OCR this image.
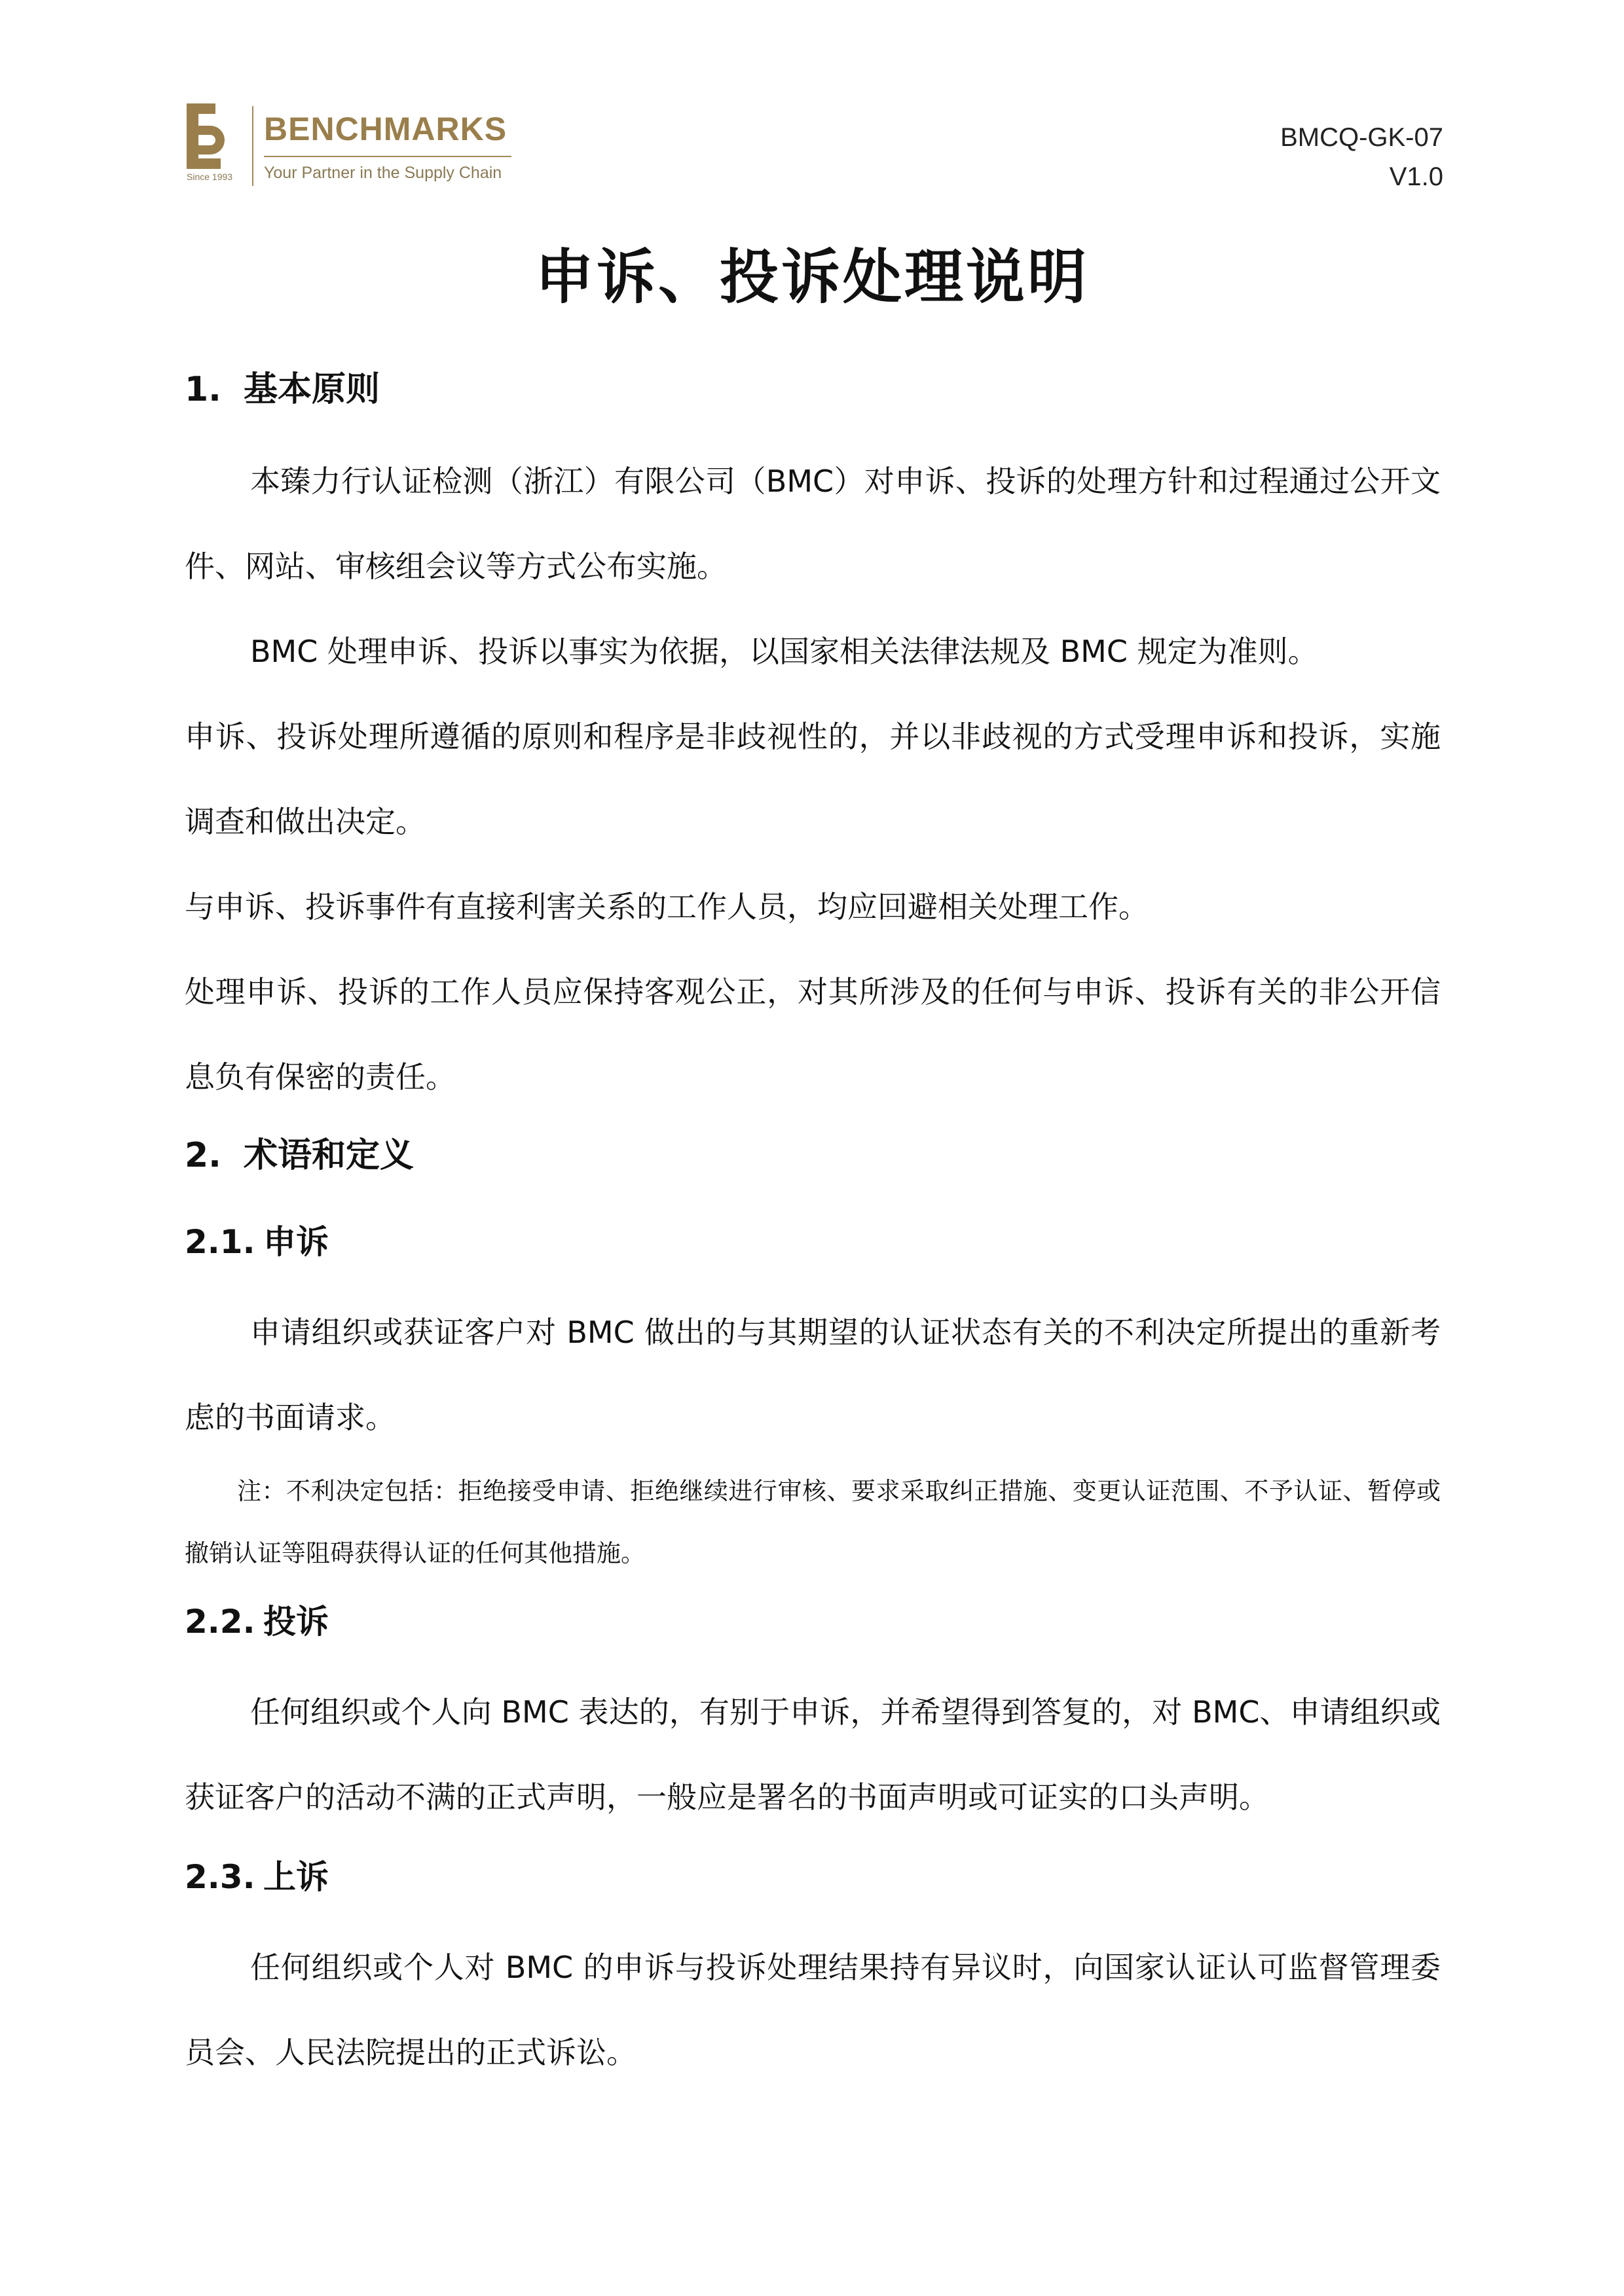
Since 1993
BENCHMARKS
Your Partner in the Supply Chain
BMCQ-GK-07
V1.0
申诉、投诉处理说明
1. 基本原则

本臻力行认证检测（浙江）有限公司（BMC）对申诉、投诉的处理方针和过程通过公开文件、网站、审核组会议等方式公布实施。

BMC 处理申诉、投诉以事实为依据，以国家相关法律法规及 BMC 规定为准则。

申诉、投诉处理所遵循的原则和程序是非歧视性的，并以非歧视的方式受理申诉和投诉，实施调查和做出决定。

与申诉、投诉事件有直接利害关系的工作人员，均应回避相关处理工作。

处理申诉、投诉的工作人员应保持客观公正，对其所涉及的任何与申诉、投诉有关的非公开信息负有保密的责任。

2. 术语和定义
2.1. 申诉

申请组织或获证客户对 BMC 做出的与其期望的认证状态有关的不利决定所提出的重新考虑的书面请求。

注：不利决定包括：拒绝接受申请、拒绝继续进行审核、要求采取纠正措施、变更认证范围、不予认证、暂停或撤销认证等阻碍获得认证的任何其他措施。

2.2. 投诉

任何组织或个人向 BMC 表达的，有别于申诉，并希望得到答复的，对 BMC、申请组织或获证客户的活动不满的正式声明，一般应是署名的书面声明或可证实的口头声明。

2.3. 上诉

任何组织或个人对 BMC 的申诉与投诉处理结果持有异议时，向国家认证认可监督管理委员会、人民法院提出的正式诉讼。
